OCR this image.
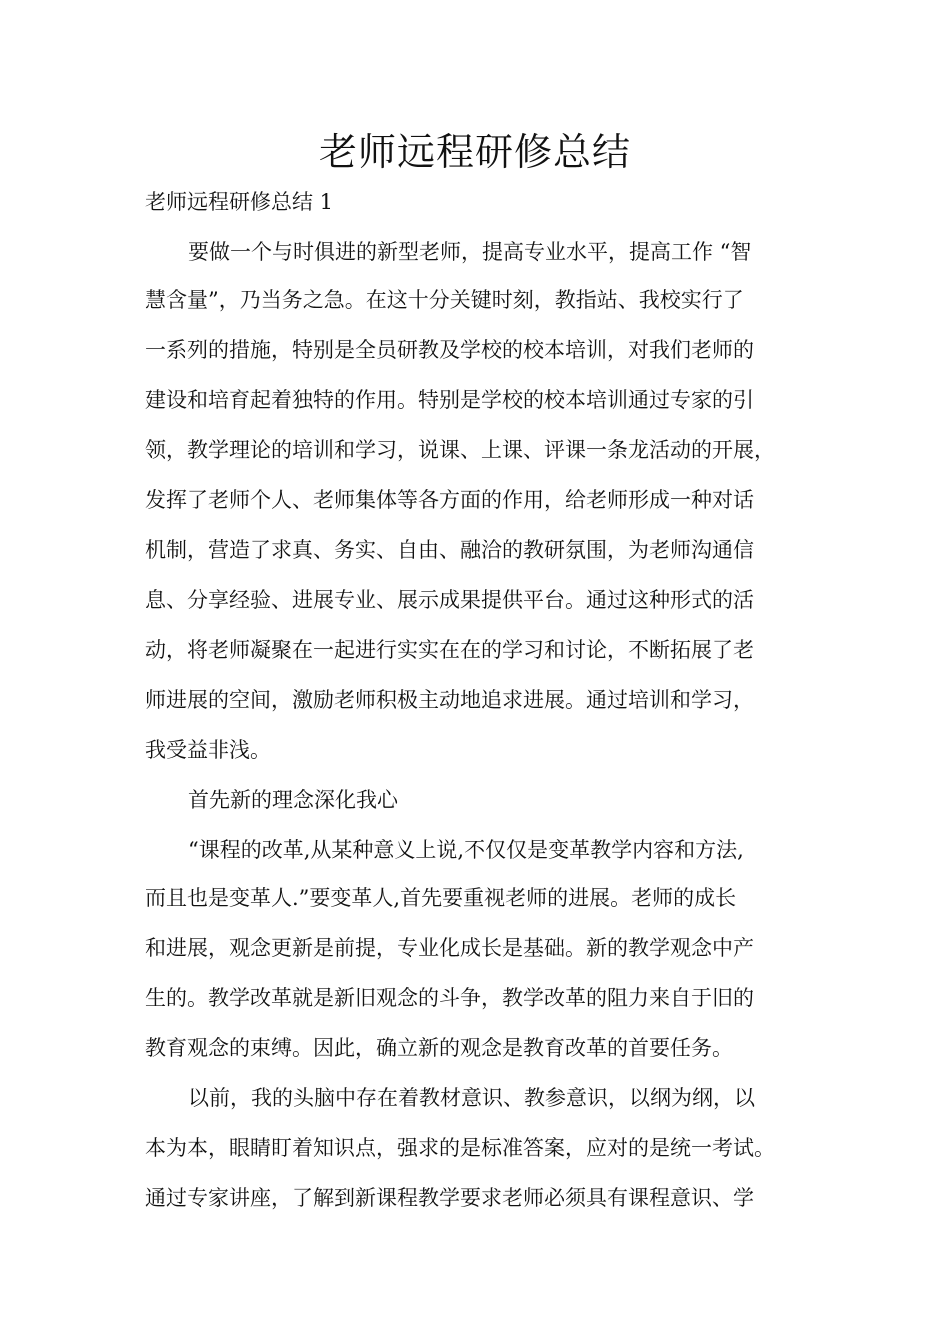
老师远程研修总结

老师远程研修总结 1

要做一个与时俱进的新型老师，提高专业水平，提高工作 “智

慧含量”，乃当务之急。在这十分关键时刻，教指站、我校实行了

一系列的措施，特别是全员研教及学校的校本培训，对我们老师的

建设和培育起着独特的作用。特别是学校的校本培训通过专家的引

领，教学理论的培训和学习，说课、上课、评课一条龙活动的开展，

发挥了老师个人、老师集体等各方面的作用，给老师形成一种对话

机制，营造了求真、务实、自由、融洽的教研氛围，为老师沟通信

息、分享经验、进展专业、展示成果提供平台。通过这种形式的活

动，将老师凝聚在一起进行实实在在的学习和讨论，不断拓展了老

师进展的空间，激励老师积极主动地追求进展。通过培训和学习，

我受益非浅。

首先新的理念深化我心

“课程的改革,从某种意义上说,不仅仅是变革教学内容和方法,

而且也是变革人.”要变革人,首先要重视老师的进展。老师的成长

和进展，观念更新是前提，专业化成长是基础。新的教学观念中产

生的。教学改革就是新旧观念的斗争，教学改革的阻力来自于旧的

教育观念的束缚。因此，确立新的观念是教育改革的首要任务。

以前，我的头脑中存在着教材意识、教参意识，以纲为纲，以

本为本，眼睛盯着知识点，强求的是标准答案，应对的是统一考试。

通过专家讲座，了解到新课程教学要求老师必须具有课程意识、学
